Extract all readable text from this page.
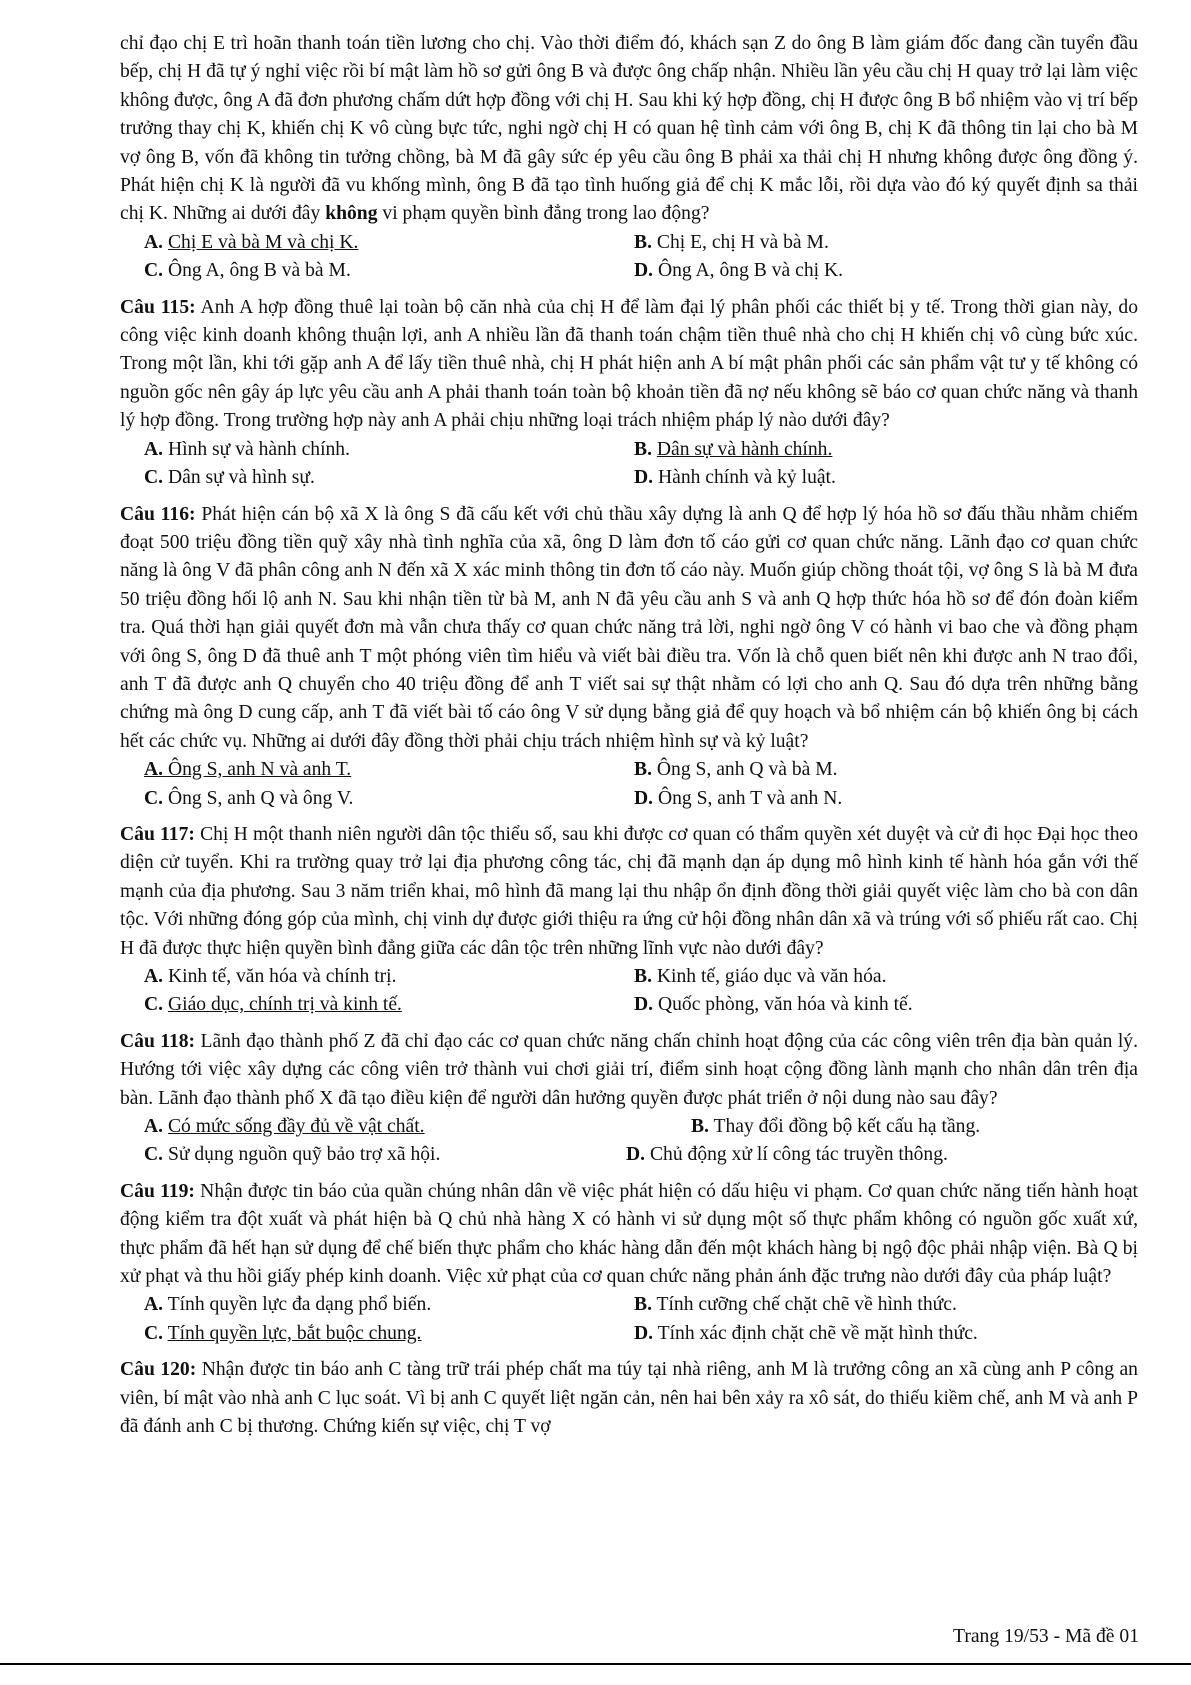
chỉ đạo chị E trì hoãn thanh toán tiền lương cho chị. Vào thời điểm đó, khách sạn Z do ông B làm giám đốc đang cần tuyển đầu bếp, chị H đã tự ý nghỉ việc rồi bí mật làm hồ sơ gửi ông B và được ông chấp nhận. Nhiều lần yêu cầu chị H quay trở lại làm việc không được, ông A đã đơn phương chấm dứt hợp đồng với chị H. Sau khi ký hợp đồng, chị H được ông B bổ nhiệm vào vị trí bếp trưởng thay chị K, khiến chị K vô cùng bực tức, nghi ngờ chị H có quan hệ tình cảm với ông B, chị K đã thông tin lại cho bà M vợ ông B, vốn đã không tin tưởng chồng, bà M đã gây sức ép yêu cầu ông B phải xa thải chị H nhưng không được ông đồng ý. Phát hiện chị K là người đã vu khống mình, ông B đã tạo tình huống giả để chị K mắc lỗi, rồi dựa vào đó ký quyết định sa thải chị K. Những ai dưới đây không vi phạm quyền bình đẳng trong lao động?

A. Chị E và bà M và chị K.	B. Chị E, chị H và bà M.
C. Ông A, ông B và bà M.	D. Ông A, ông B và chị K.

Câu 115: Anh A hợp đồng thuê lại toàn bộ căn nhà của chị H để làm đại lý phân phối các thiết bị y tế. Trong thời gian này, do công việc kinh doanh không thuận lợi, anh A nhiều lần đã thanh toán chậm tiền thuê nhà cho chị H khiến chị vô cùng bức xúc. Trong một lần, khi tới gặp anh A để lấy tiền thuê nhà, chị H phát hiện anh A bí mật phân phối các sản phẩm vật tư y tế không có nguồn gốc nên gây áp lực yêu cầu anh A phải thanh toán toàn bộ khoản tiền đã nợ nếu không sẽ báo cơ quan chức năng và thanh lý hợp đồng. Trong trường hợp này anh A phải chịu những loại trách nhiệm pháp lý nào dưới đây?

A. Hình sự và hành chính.	B. Dân sự và hành chính.
C. Dân sự và hình sự.	D. Hành chính và kỷ luật.

Câu 116: Phát hiện cán bộ xã X là ông S đã cấu kết với chủ thầu xây dựng là anh Q để hợp lý hóa hồ sơ đấu thầu nhằm chiếm đoạt 500 triệu đồng tiền quỹ xây nhà tình nghĩa của xã, ông D làm đơn tố cáo gửi cơ quan chức năng. Lãnh đạo cơ quan chức năng là ông V đã phân công anh N đến xã X xác minh thông tin đơn tố cáo này. Muốn giúp chồng thoát tội, vợ ông S là bà M đưa 50 triệu đồng hối lộ anh N. Sau khi nhận tiền từ bà M, anh N đã yêu cầu anh S và anh Q hợp thức hóa hồ sơ để đón đoàn kiểm tra. Quá thời hạn giải quyết đơn mà vẫn chưa thấy cơ quan chức năng trả lời, nghi ngờ ông V có hành vi bao che và đồng phạm với ông S, ông D đã thuê anh T một phóng viên tìm hiểu và viết bài điều tra. Vốn là chỗ quen biết nên khi được anh N trao đổi, anh T đã được anh Q chuyển cho 40 triệu đồng để anh T viết sai sự thật nhằm có lợi cho anh Q. Sau đó dựa trên những bằng chứng mà ông D cung cấp, anh T đã viết bài tố cáo ông V sử dụng bằng giả để quy hoạch và bổ nhiệm cán bộ khiến ông bị cách hết các chức vụ. Những ai dưới đây đồng thời phải chịu trách nhiệm hình sự và kỷ luật?

A. Ông S, anh N và anh T.	B. Ông S, anh Q và bà M.
C. Ông S, anh Q và ông V.	D. Ông S, anh T và anh N.

Câu 117: Chị H một thanh niên người dân tộc thiểu số, sau khi được cơ quan có thẩm quyền xét duyệt và cử đi học Đại học theo diện cử tuyển. Khi ra trường quay trở lại địa phương công tác, chị đã mạnh dạn áp dụng mô hình kinh tế hành hóa gắn với thế mạnh của địa phương. Sau 3 năm triển khai, mô hình đã mang lại thu nhập ổn định đồng thời giải quyết việc làm cho bà con dân tộc. Với những đóng góp của mình, chị vinh dự được giới thiệu ra ứng cử hội đồng nhân dân xã và trúng với số phiếu rất cao. Chị H đã được thực hiện quyền bình đẳng giữa các dân tộc trên những lĩnh vực nào dưới đây?

A. Kinh tế, văn hóa và chính trị.	B. Kinh tế, giáo dục và văn hóa.
C. Giáo dục, chính trị và kinh tế.	D. Quốc phòng, văn hóa và kinh tế.

Câu 118: Lãnh đạo thành phố Z đã chỉ đạo các cơ quan chức năng chấn chỉnh hoạt động của các công viên trên địa bàn quản lý. Hướng tới việc xây dựng các công viên trở thành vui chơi giải trí, điểm sinh hoạt cộng đồng lành mạnh cho nhân dân trên địa bàn. Lãnh đạo thành phố X đã tạo điều kiện để người dân hưởng quyền được phát triển ở nội dung nào sau đây?

A. Có mức sống đầy đủ về vật chất.	B. Thay đổi đồng bộ kết cấu hạ tầng.
C. Sử dụng nguồn quỹ bảo trợ xã hội.	D. Chủ động xử lí công tác truyền thông.

Câu 119: Nhận được tin báo của quần chúng nhân dân về việc phát hiện có dấu hiệu vi phạm. Cơ quan chức năng tiến hành hoạt động kiểm tra đột xuất và phát hiện bà Q chủ nhà hàng X có hành vi sử dụng một số thực phẩm không có nguồn gốc xuất xứ, thực phẩm đã hết hạn sử dụng để chế biến thực phẩm cho khác hàng dẫn đến một khách hàng bị ngộ độc phải nhập viện. Bà Q bị xử phạt và thu hồi giấy phép kinh doanh. Việc xử phạt của cơ quan chức năng phản ánh đặc trưng nào dưới đây của pháp luật?

A. Tính quyền lực đa dạng phổ biến.	B. Tính cưỡng chế chặt chẽ về hình thức.
C. Tính quyền lực, bắt buộc chung.	D. Tính xác định chặt chẽ về mặt hình thức.

Câu 120: Nhận được tin báo anh C tàng trữ trái phép chất ma túy tại nhà riêng, anh M là trưởng công an xã cùng anh P công an viên, bí mật vào nhà anh C lục soát. Vì bị anh C quyết liệt ngăn cản, nên hai bên xảy ra xô sát, do thiếu kiềm chế, anh M và anh P đã đánh anh C bị thương. Chứng kiến sự việc, chị T vợ

Trang 19/53 - Mã đề 01
